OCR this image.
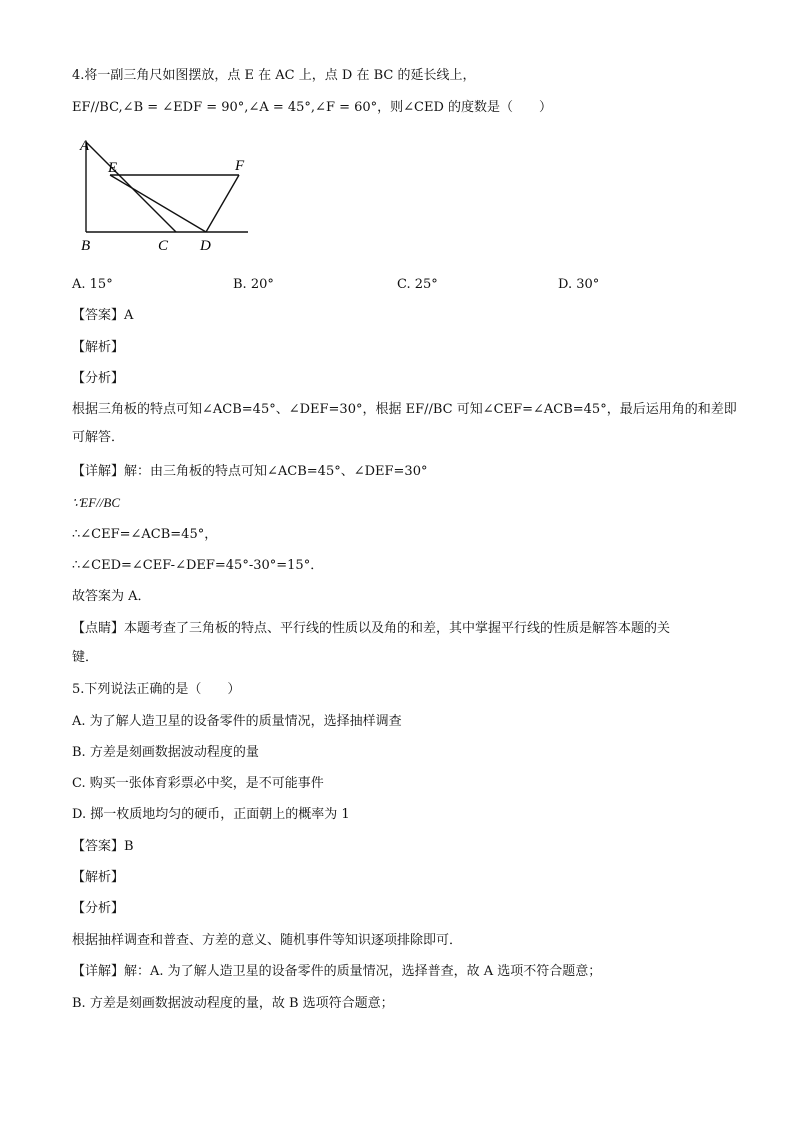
4.将一副三角尺如图摆放，点 E 在 AC 上，点 D 在 BC 的延长线上，
EF//BC,∠B = ∠EDF = 90°,∠A = 45°,∠F = 60°，则∠CED 的度数是（　　）
A
E	F
B	C D
A. 15°	B. 20°	C. 25°	D. 30°
【答案】A
【解析】
【分析】
根据三角板的特点可知∠ACB=45°、∠DEF=30°，根据 EF//BC 可知∠CEF=∠ACB=45°，最后运用角的和差即
可解答．
【详解】解：由三角板的特点可知∠ACB=45°、∠DEF=30°
∵EF//BC
∴∠CEF=∠ACB=45°，
∴∠CED=∠CEF-∠DEF=45°-30°=15°．
故答案为 A．
【点睛】本题考查了三角板的特点、平行线的性质以及角的和差，其中掌握平行线的性质是解答本题的关
键．
5.下列说法正确的是（　　）
A. 为了解人造卫星的设备零件的质量情况，选择抽样调查
B. 方差是刻画数据波动程度的量
C. 购买一张体育彩票必中奖，是不可能事件
D. 掷一枚质地均匀的硬币，正面朝上的概率为 1
【答案】B
【解析】
【分析】
根据抽样调查和普查、方差的意义、随机事件等知识逐项排除即可．
【详解】解：A. 为了解人造卫星的设备零件的质量情况，选择普查，故 A 选项不符合题意；
B. 方差是刻画数据波动程度的量，故 B 选项符合题意；
